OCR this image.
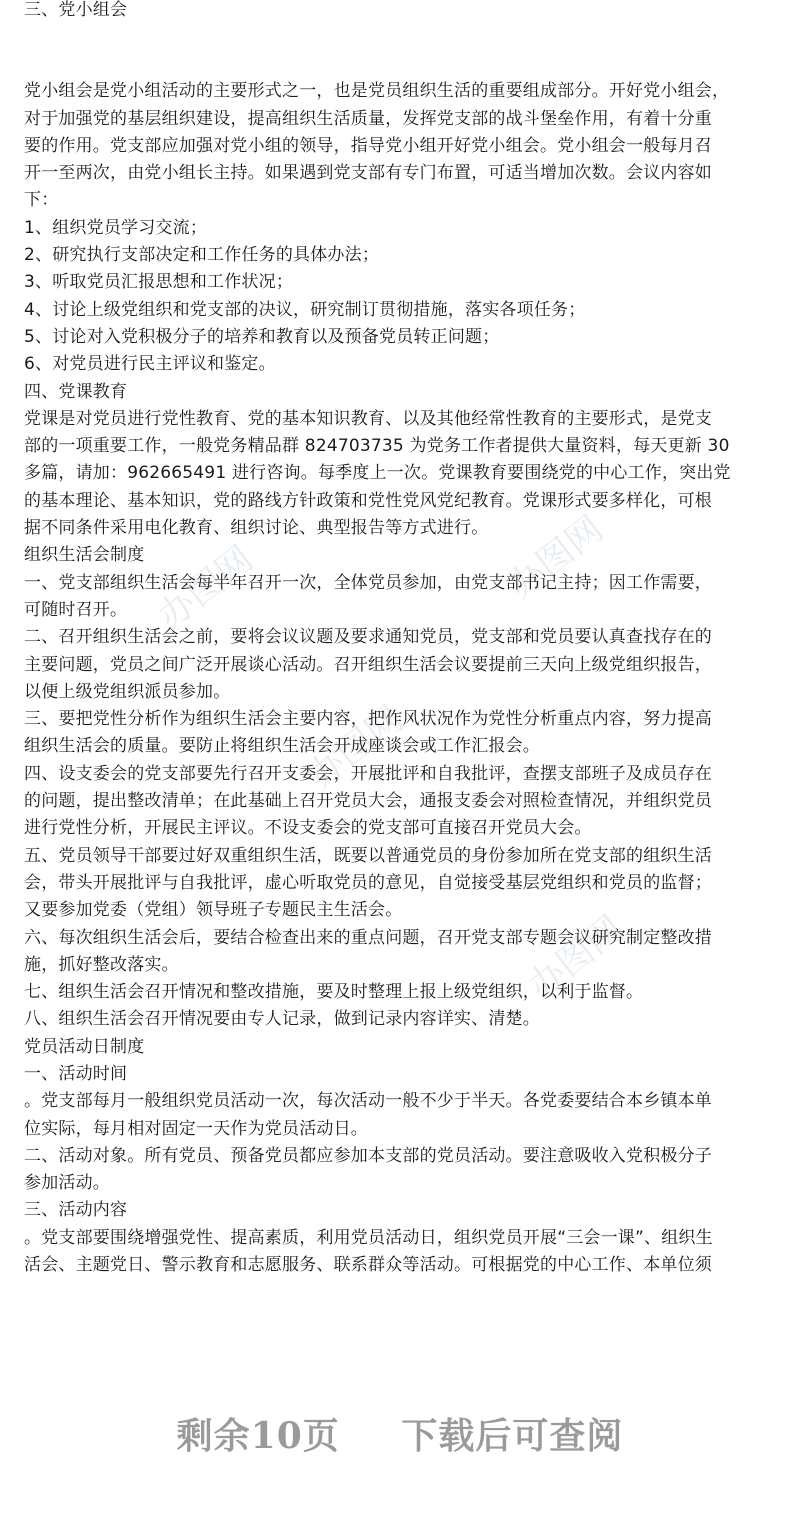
办图网	办图网
办图网
办图网
三、党小组会
党小组会是党小组活动的主要形式之一，也是党员组织生活的重要组成部分。开好党小组会，
对于加强党的基层组织建设，提高组织生活质量，发挥党支部的战斗堡垒作用，有着十分重
要的作用。党支部应加强对党小组的领导，指导党小组开好党小组会。党小组会一般每月召
开一至两次，由党小组长主持。如果遇到党支部有专门布置，可适当增加次数。会议内容如
下：
1、组织党员学习交流；
2、研究执行支部决定和工作任务的具体办法；
3、听取党员汇报思想和工作状况；
4、讨论上级党组织和党支部的决议，研究制订贯彻措施，落实各项任务；
5、讨论对入党积极分子的培养和教育以及预备党员转正问题；
6、对党员进行民主评议和鉴定。
四、党课教育
党课是对党员进行党性教育、党的基本知识教育、以及其他经常性教育的主要形式，是党支
部的一项重要工作，一般党务精品群 824703735 为党务工作者提供大量资料，每天更新 30
多篇，请加：962665491 进行咨询。每季度上一次。党课教育要围绕党的中心工作，突出党
的基本理论、基本知识，党的路线方针政策和党性党风党纪教育。党课形式要多样化，可根
据不同条件采用电化教育、组织讨论、典型报告等方式进行。
组织生活会制度
一、党支部组织生活会每半年召开一次，全体党员参加，由党支部书记主持；因工作需要，
可随时召开。
二、召开组织生活会之前，要将会议议题及要求通知党员，党支部和党员要认真查找存在的
主要问题，党员之间广泛开展谈心活动。召开组织生活会议要提前三天向上级党组织报告，
以便上级党组织派员参加。
三、要把党性分析作为组织生活会主要内容，把作风状况作为党性分析重点内容，努力提高
组织生活会的质量。要防止将组织生活会开成座谈会或工作汇报会。
四、设支委会的党支部要先行召开支委会，开展批评和自我批评，查摆支部班子及成员存在
的问题，提出整改清单；在此基础上召开党员大会，通报支委会对照检查情况，并组织党员
进行党性分析，开展民主评议。不设支委会的党支部可直接召开党员大会。
五、党员领导干部要过好双重组织生活，既要以普通党员的身份参加所在党支部的组织生活
会，带头开展批评与自我批评，虚心听取党员的意见，自觉接受基层党组织和党员的监督；
又要参加党委（党组）领导班子专题民主生活会。
六、每次组织生活会后，要结合检查出来的重点问题，召开党支部专题会议研究制定整改措
施，抓好整改落实。
七、组织生活会召开情况和整改措施，要及时整理上报上级党组织，以利于监督。
八、组织生活会召开情况要由专人记录，做到记录内容详实、清楚。
党员活动日制度
一、活动时间
。党支部每月一般组织党员活动一次，每次活动一般不少于半天。各党委要结合本乡镇本单
位实际，每月相对固定一天作为党员活动日。
二、活动对象。所有党员、预备党员都应参加本支部的党员活动。要注意吸收入党积极分子
参加活动。
三、活动内容
。党支部要围绕增强党性、提高素质，利用党员活动日，组织党员开展“三会一课”、组织生
活会、主题党日、警示教育和志愿服务、联系群众等活动。可根据党的中心工作、本单位须
剩余10页 下载后可查阅
